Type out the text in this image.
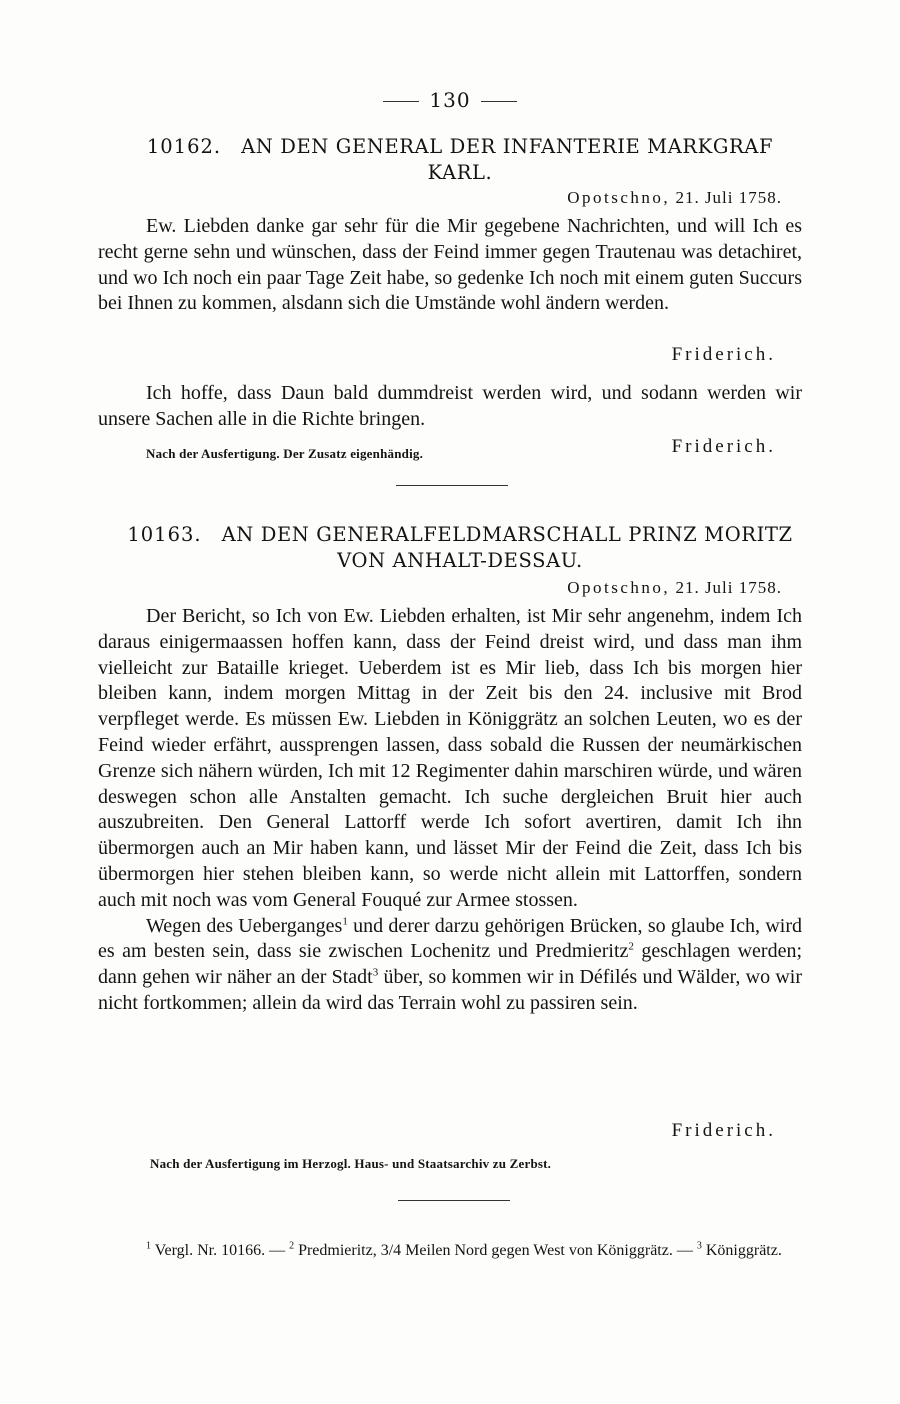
130
10162. AN DEN GENERAL DER INFANTERIE MARKGRAF
KARL.
Opotschno, 21. Juli 1758.

Ew. Liebden danke gar sehr für die Mir gegebene Nachrichten, und will Ich es recht gerne sehn und wünschen, dass der Feind immer gegen Trautenau was detachiret, und wo Ich noch ein paar Tage Zeit habe, so gedenke Ich noch mit einem guten Succurs bei Ihnen zu kommen, alsdann sich die Umstände wohl ändern werden.

Friderich.

Ich hoffe, dass Daun bald dummdreist werden wird, und sodann werden wir unsere Sachen alle in die Richte bringen.

Nach der Ausfertigung. Der Zusatz eigenhändig.	Friderich.
10163. AN DEN GENERALFELDMARSCHALL PRINZ MORITZ
VON ANHALT-DESSAU.
Opotschno, 21. Juli 1758.

Der Bericht, so Ich von Ew. Liebden erhalten, ist Mir sehr angenehm, indem Ich daraus einigermaassen hoffen kann, dass der Feind dreist wird, und dass man ihm vielleicht zur Bataille krieget. Ueberdem ist es Mir lieb, dass Ich bis morgen hier bleiben kann, indem morgen Mittag in der Zeit bis den 24. inclusive mit Brod verpfleget werde. Es müssen Ew. Liebden in Königgrätz an solchen Leuten, wo es der Feind wieder erfährt, aussprengen lassen, dass sobald die Russen der neumärkischen Grenze sich nähern würden, Ich mit 12 Regimenter dahin marschiren würde, und wären deswegen schon alle Anstalten gemacht. Ich suche dergleichen Bruit hier auch auszubreiten. Den General Lattorff werde Ich sofort avertiren, damit Ich ihn übermorgen auch an Mir haben kann, und lässet Mir der Feind die Zeit, dass Ich bis übermorgen hier stehen bleiben kann, so werde nicht allein mit Lattorffen, sondern auch mit noch was vom General Fouqué zur Armee stossen.

Wegen des Ueberganges$^1$ und derer darzu gehörigen Brücken, so glaube Ich, wird es am besten sein, dass sie zwischen Lochenitz und Predmieritz$^2$ geschlagen werden; dann gehen wir näher an der Stadt$^3$ über, so kommen wir in Défilés und Wälder, wo wir nicht fortkommen; allein da wird das Terrain wohl zu passiren sein.

Friderich.
Nach der Ausfertigung im Herzogl. Haus- und Staatsarchiv zu Zerbst.
$^1$ Vergl. Nr. 10166. — $^2$ Predmieritz, 3/4 Meilen Nord gegen West von Königgrätz. — $^3$ Königgrätz.
